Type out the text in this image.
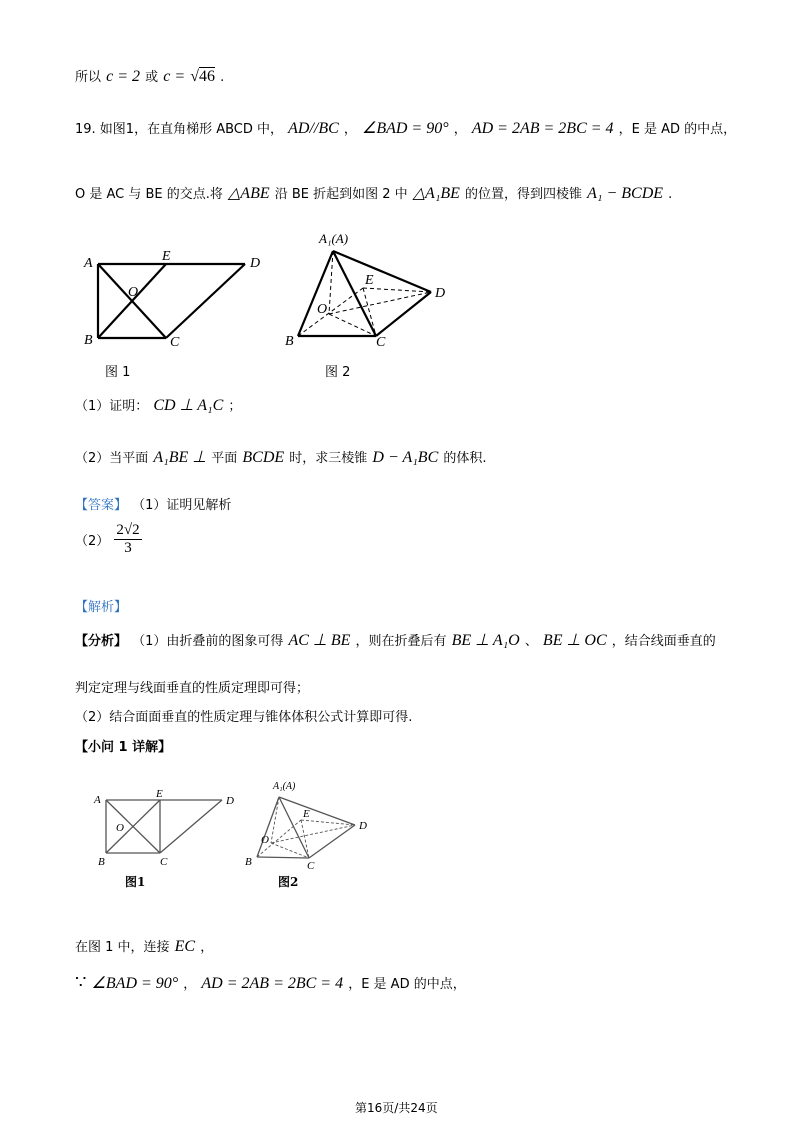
所以 c = 2 或 c = √46 .
19. 如图1，在直角梯形 ABCD 中， AD//BC ， ∠BAD = 90° ， AD = 2AB = 2BC = 4 ，E 是 AD 的中点，
O 是 AC 与 BE 的交点.将 △ABE 沿 BE 折起到如图 2 中 △A₁BE 的位置，得到四棱锥 A₁ − BCDE .
A	E	D
O
B	C
图 1
A₁(A)
E
D
O
B	C
图 2
（1）证明： CD ⊥ A₁C ；
（2）当平面 A₁BE ⊥ 平面 BCDE 时，求三棱锥 D − A₁BC 的体积.
【答案】 （1）证明见解析
$(2) \frac{2√2}{3}$
【解析】
【分析】 （1）由折叠前的图象可得 AC ⊥ BE ，则在折叠后有 BE ⊥ A₁O 、 BE ⊥ OC ，结合线面垂直的
判定定理与线面垂直的性质定理即可得；
（2）结合面面垂直的性质定理与锥体体积公式计算即可得.
【小问 1 详解】
A	E
D
O
B	C
图1
A₁(A)
E
D
O
B	C
图2
在图 1 中，连接 EC ，
∵ ∠BAD = 90° ， AD = 2AB = 2BC = 4 ，E 是 AD 的中点，
第16页/共24页
